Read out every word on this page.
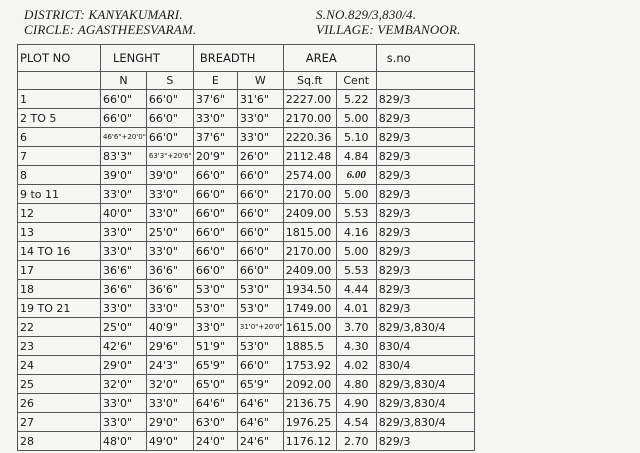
DISTRICT: KANYAKUMARI.
CIRCLE: AGASTHEESVARAM.
S.NO.829/3,830/4.
VILLAGE: VEMBANOOR.
PLOT NO	LENGHT		BREADTH		AREA		s.no
	N	S	E	W	Sq.ft	Cent	
1	66'0"	66'0"	37'6"	31'6"	2227.00	5.22	829/3
2 TO 5	66'0"	66'0"	33'0"	33'0"	2170.00	5.00	829/3
6	46'6"+20'0"	66'0"	37'6"	33'0"	2220.36	5.10	829/3
7	83'3"	63'3"+20'6"	20'9"	26'0"	2112.48	4.84	829/3
8	39'0"	39'0"	66'0"	66'0"	2574.00	6.00	829/3
9 to 11	33'0"	33'0"	66'0"	66'0"	2170.00	5.00	829/3
12	40'0"	33'0"	66'0"	66'0"	2409.00	5.53	829/3
13	33'0"	25'0"	66'0"	66'0"	1815.00	4.16	829/3
14 TO 16	33'0"	33'0"	66'0"	66'0"	2170.00	5.00	829/3
17	36'6"	36'6"	66'0"	66'0"	2409.00	5.53	829/3
18	36'6"	36'6"	53'0"	53'0"	1934.50	4.44	829/3
19 TO 21	33'0"	33'0"	53'0"	53'0"	1749.00	4.01	829/3
22	25'0"	40'9"	33'0"	31'0"+20'0"	1615.00	3.70	829/3,830/4
23	42'6"	29'6"	51'9"	53'0"	1885.5	4.30	830/4
24	29'0"	24'3"	65'9"	66'0"	1753.92	4.02	830/4
25	32'0"	32'0"	65'0"	65'9"	2092.00	4.80	829/3,830/4
26	33'0"	33'0"	64'6"	64'6"	2136.75	4.90	829/3,830/4
27	33'0"	29'0"	63'0"	64'6"	1976.25	4.54	829/3,830/4
28	48'0"	49'0"	24'0"	24'6"	1176.12	2.70	829/3
